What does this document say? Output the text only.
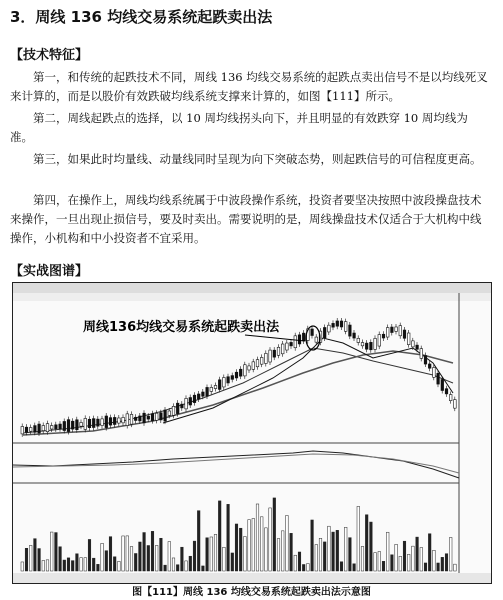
3．周线 136 均线交易系统起跌卖出法
【技术特征】
第一，和传统的起跌技术不同，周线 136 均线交易系统的起跌点卖出信号不是以均线死叉来计算的，而是以股价有效跌破均线系统支撑来计算的，如图【111】所示。
第二，周线起跌点的选择，以 10 周均线拐头向下，并且明显的有效跌穿 10 周均线为准。
第三，如果此时均量线、动量线同时呈现为向下突破态势，则起跌信号的可信程度更高。
第四，在操作上，周线均线系统属于中波段操作系统，投资者要坚决按照中波段操盘技术来操作，一旦出现止损信号，要及时卖出。需要说明的是，周线操盘技术仅适合于大机构中线操作，小机构和中小投资者不宜采用。
【实战图谱】
周线136均线交易系统起跌卖出法
图【111】周线 136 均线交易系统起跌卖出法示意图
